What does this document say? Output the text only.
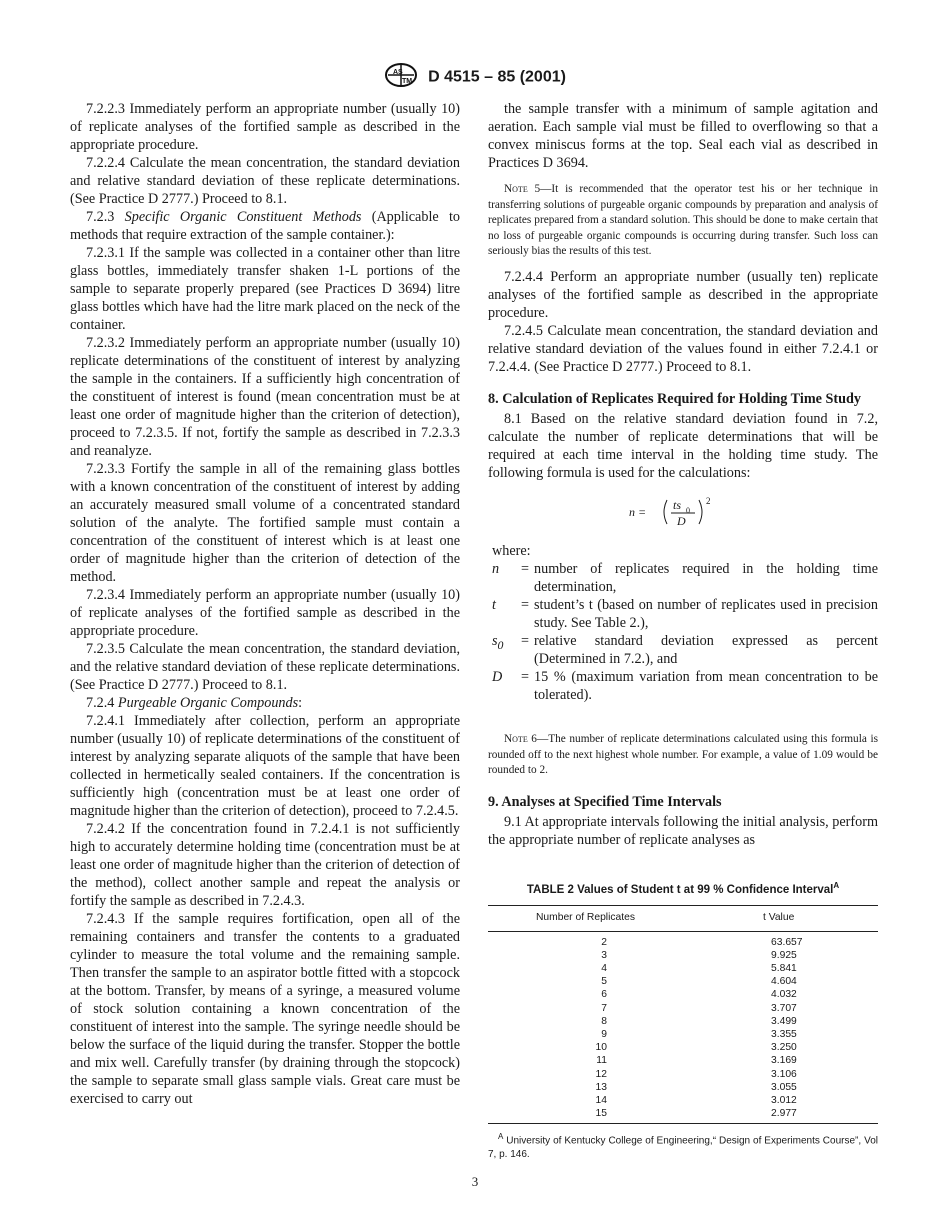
AS
TM D 4515 – 85 (2001)

7.2.2.3 Immediately perform an appropriate number (usually 10) of replicate analyses of the fortified sample as described in the appropriate procedure.

7.2.2.4 Calculate the mean concentration, the standard deviation and relative standard deviation of these replicate determinations. (See Practice D 2777.) Proceed to 8.1.

7.2.3 Specific Organic Constituent Methods (Applicable to methods that require extraction of the sample container.):

7.2.3.1 If the sample was collected in a container other than litre glass bottles, immediately transfer shaken 1-L portions of the sample to separate properly prepared (see Practices D 3694) litre glass bottles which have had the litre mark placed on the neck of the container.

7.2.3.2 Immediately perform an appropriate number (usually 10) replicate determinations of the constituent of interest by analyzing the sample in the containers. If a sufficiently high concentration of the constituent of interest is found (mean concentration must be at least one order of magnitude higher than the criterion of detection), proceed to 7.2.3.5. If not, fortify the sample as described in 7.2.3.3 and reanalyze.

7.2.3.3 Fortify the sample in all of the remaining glass bottles with a known concentration of the constituent of interest by adding an accurately measured small volume of a concentrated standard solution of the analyte. The fortified sample must contain a concentration of the constituent of interest which is at least one order of magnitude higher than the criterion of detection of the method.

7.2.3.4 Immediately perform an appropriate number (usually 10) of replicate analyses of the fortified sample as described in the appropriate procedure.

7.2.3.5 Calculate the mean concentration, the standard deviation, and the relative standard deviation of these replicate determinations. (See Practice D 2777.) Proceed to 8.1.

7.2.4 Purgeable Organic Compounds:

7.2.4.1 Immediately after collection, perform an appropriate number (usually 10) of replicate determinations of the constituent of interest by analyzing separate aliquots of the sample that have been collected in hermetically sealed containers. If the concentration is sufficiently high (concentration must be at least one order of magnitude higher than the criterion of detection), proceed to 7.2.4.5.

7.2.4.2 If the concentration found in 7.2.4.1 is not sufficiently high to accurately determine holding time (concentration must be at least one order of magnitude higher than the criterion of detection of the method), collect another sample and repeat the analysis or fortify the sample as described in 7.2.4.3.

7.2.4.3 If the sample requires fortification, open all of the remaining containers and transfer the contents to a graduated cylinder to measure the total volume and the remaining sample. Then transfer the sample to an aspirator bottle fitted with a stopcock at the bottom. Transfer, by means of a syringe, a measured volume of stock solution containing a known concentration of the constituent of interest into the sample. The syringe needle should be below the surface of the liquid during the transfer. Stopper the bottle and mix well. Carefully transfer (by draining through the stopcock) the sample to separate small glass sample vials. Great care must be exercised to carry out

the sample transfer with a minimum of sample agitation and aeration. Each sample vial must be filled to overflowing so that a convex miniscus forms at the top. Seal each vial as described in Practices D 3694.

Note 5—It is recommended that the operator test his or her technique in transferring solutions of purgeable organic compounds by preparation and analysis of replicates prepared from a standard solution. This should be done to make certain that no loss of purgeable organic compounds is occurring during transfer. Such loss can seriously bias the results of this test.

7.2.4.4 Perform an appropriate number (usually ten) replicate analyses of the fortified sample as described in the appropriate procedure.

7.2.4.5 Calculate mean concentration, the standard deviation and relative standard deviation of the values found in either 7.2.4.1 or 7.2.4.4. (See Practice D 2777.) Proceed to 8.1.

8. Calculation of Replicates Required for Holding Time Study

8.1 Based on the relative standard deviation found in 7.2, calculate the number of replicate determinations that will be required at each time interval in the holding time study. The following formula is used for the calculations:

n = ts 0
D
2

where:

n	= number of replicates required in the holding time determination,
t	= student’s t (based on number of replicates used in precision study. See Table 2.),
$s_0$	= relative standard deviation expressed as percent (Determined in 7.2.), and
D	= 15 % (maximum variation from mean concentration to be tolerated).

Note 6—The number of replicate determinations calculated using this formula is rounded off to the next highest whole number. For example, a value of 1.09 would be rounded to 2.

9. Analyses at Specified Time Intervals

9.1 At appropriate intervals following the initial analysis, perform the appropriate number of replicate analyses as

TABLE 2 Values of Student t at 99 % Confidence Interval$^A$
Number of Replicates	t Value
2	63.657
3	9.925
4	5.841
5	4.604
6	4.032
7	3.707
8	3.499
9	3.355
10	3.250
11	3.169
12	3.106
13	3.055
14	3.012
15	2.977
$^A$ University of Kentucky College of Engineering,“ Design of Experiments Course”, Vol 7, p. 146.
3
